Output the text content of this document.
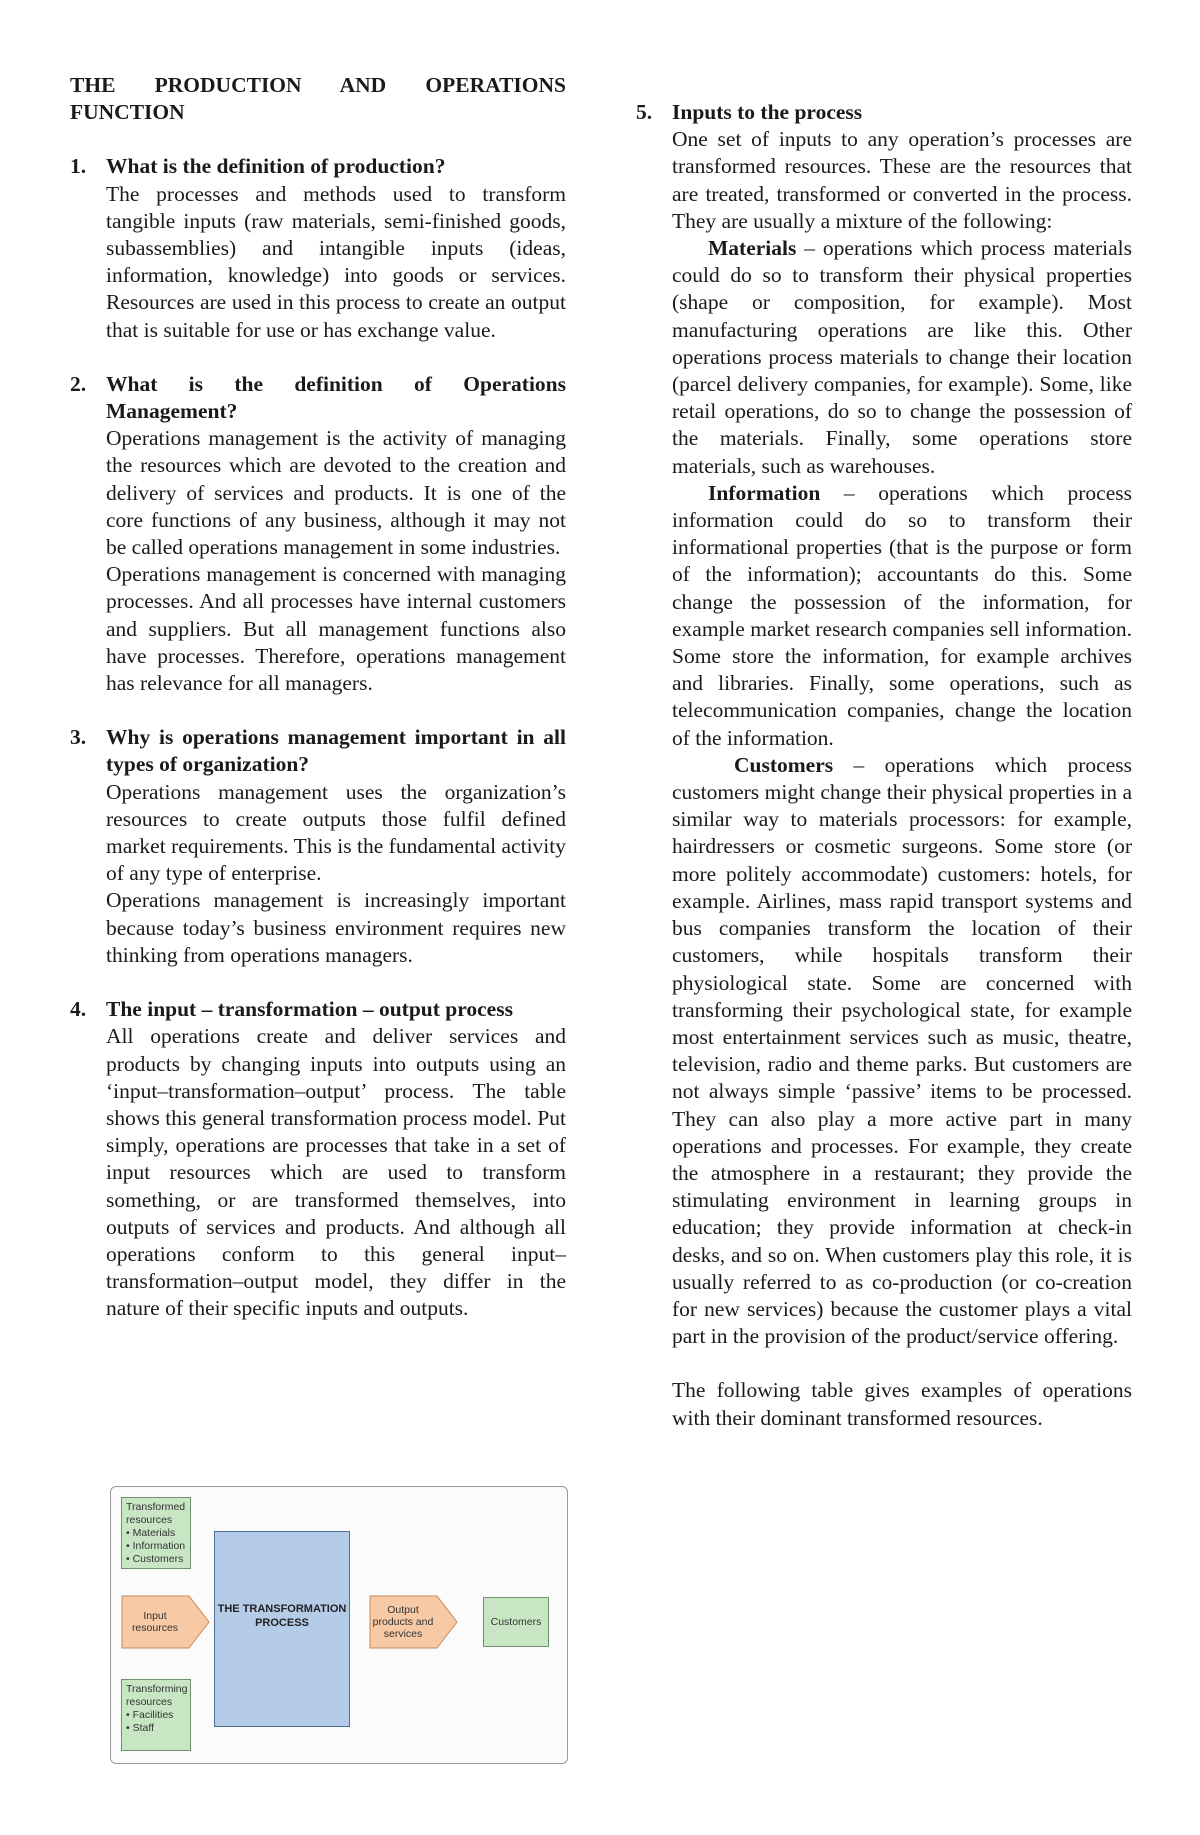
THE PRODUCTION AND OPERATIONS
FUNCTION
1. What is the definition of production?

The processes and methods used to transform tangible inputs (raw materials, semi-finished goods, subassemblies) and intangible inputs (ideas, information, knowledge) into goods or services. Resources are used in this process to create an output that is suitable for use or has exchange value.

2. What is the definition of Operations Management?

Operations management is the activity of managing the resources which are devoted to the creation and delivery of services and products. It is one of the core functions of any business, although it may not be called operations management in some industries.

Operations management is concerned with managing processes. And all processes have internal customers and suppliers. But all management functions also have processes. Therefore, operations management has relevance for all managers.

3. Why is operations management important in all types of organization?

Operations management uses the organization’s resources to create outputs those fulfil defined market requirements. This is the fundamental activity of any type of enterprise.

Operations management is increasingly important because today’s business environment requires new thinking from operations managers.

4. The input – transformation – output process

All operations create and deliver services and products by changing inputs into outputs using an ‘input–transformation–output’ process. The table shows this general transformation process model. Put simply, operations are processes that take in a set of input resources which are used to transform something, or are transformed themselves, into outputs of services and products. And although all operations conform to this general input–transformation–output model, they differ in the nature of their specific inputs and outputs.

Transformed resources
• Materials
• Information
• Customers
Input resources
Transforming resources
• Facilities
• Staff
THE TRANSFORMATION PROCESS
Output products and services
Customers
5. Inputs to the process

One set of inputs to any operation’s processes are transformed resources. These are the resources that are treated, transformed or converted in the process. They are usually a mixture of the following:

Materials – operations which process materials could do so to transform their physical properties (shape or composition, for example). Most manufacturing operations are like this. Other operations process materials to change their location (parcel delivery companies, for example). Some, like retail operations, do so to change the possession of the materials. Finally, some operations store materials, such as warehouses.

Information – operations which process information could do so to transform their informational properties (that is the purpose or form of the information); accountants do this. Some change the possession of the information, for example market research companies sell information. Some store the information, for example archives and libraries. Finally, some operations, such as telecommunication companies, change the location of the information.

Customers – operations which process customers might change their physical properties in a similar way to materials processors: for example, hairdressers or cosmetic surgeons. Some store (or more politely accommodate) customers: hotels, for example. Airlines, mass rapid transport systems and bus companies transform the location of their customers, while hospitals transform their physiological state. Some are concerned with transforming their psychological state, for example most entertainment services such as music, theatre, television, radio and theme parks. But customers are not always simple ‘passive’ items to be processed. They can also play a more active part in many operations and processes. For example, they create the atmosphere in a restaurant; they provide the stimulating environment in learning groups in education; they provide information at check-in desks, and so on. When customers play this role, it is usually referred to as co-production (or co-creation for new services) because the customer plays a vital part in the provision of the product/service offering.

The following table gives examples of operations with their dominant transformed resources.
